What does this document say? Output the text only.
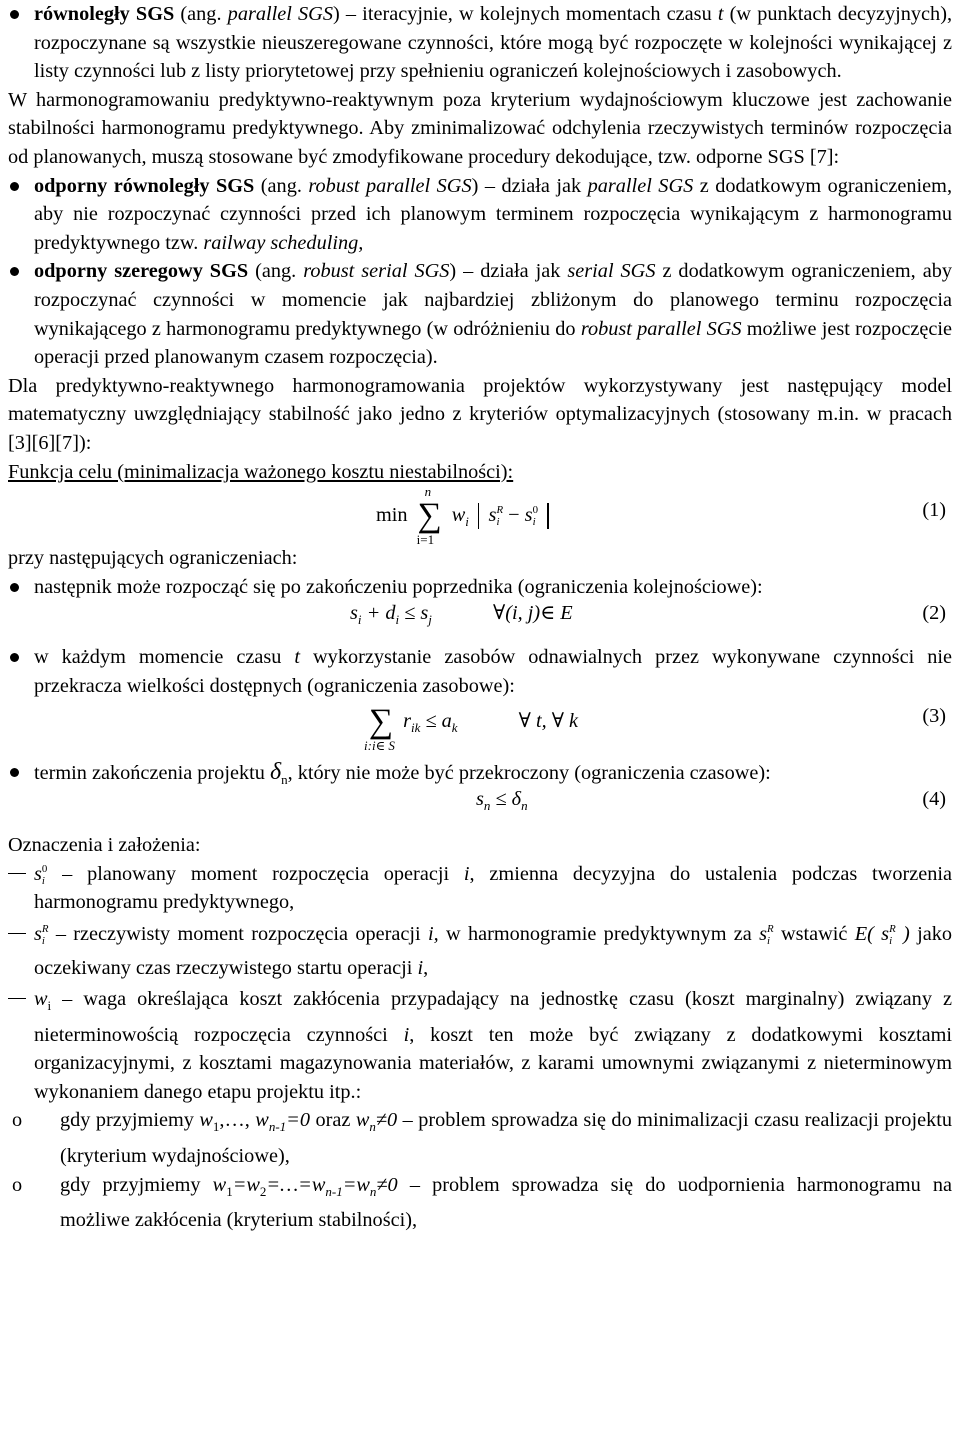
równoległy SGS (ang. parallel SGS) – iteracyjnie, w kolejnych momentach czasu t (w punktach decyzyjnych), rozpoczynane są wszystkie nieuszeregowane czynności, które mogą być rozpoczęte w kolejności wynikającej z listy czynności lub z listy priorytetowej przy spełnieniu ograniczeń kolejnościowych i zasobowych.

W harmonogramowaniu predyktywno-reaktywnym poza kryterium wydajnościowym kluczowe jest zachowanie stabilności harmonogramu predyktywnego. Aby zminimalizować odchylenia rzeczywistych terminów rozpoczęcia od planowanych, muszą stosowane być zmodyfikowane procedury dekodujące, tzw. odporne SGS [7]:

odporny równoległy SGS (ang. robust parallel SGS) – działa jak parallel SGS z dodatkowym ograniczeniem, aby nie rozpoczynać czynności przed ich planowym terminem rozpoczęcia wynikającym z harmonogramu predyktywnego tzw. railway scheduling,
odporny szeregowy SGS (ang. robust serial SGS) – działa jak serial SGS z dodatkowym ograniczeniem, aby rozpoczynać czynności w momencie jak najbardziej zbliżonym do planowego terminu rozpoczęcia wynikającego z harmonogramu predyktywnego (w odróżnieniu do robust parallel SGS możliwe jest rozpoczęcie operacji przed planowanym czasem rozpoczęcia).

Dla predyktywno-reaktywnego harmonogramowania projektów wykorzystywany jest następujący model matematyczny uwzględniający stabilność jako jedno z kryteriów optymalizacyjnych (stosowany m.in. w pracach [3][6][7]):

Funkcja celu (minimalizacja ważonego kosztu niestabilności):

min
n
∑
i=1
$w_i$ s R
i − s 0
i

(1)

przy następujących ograniczeniach:

następnik może rozpocząć się po zakończeniu poprzednika (ograniczenia kolejnościowe):
$s_i + d_i \le s_j$	∀(i, j)∈ E	(2)
w każdym momencie czasu t wykorzystanie zasobów odnawialnych przez wykonywane czynności nie przekracza wielkości dostępnych (ograniczenia zasobowe):
∑
i:i∈ S
$r_{ik} \le a_k$	∀ t, ∀ k	(3)
termin zakończenia projektu $\delta_n$, który nie może być przekroczony (ograniczenia czasowe):
$s_n \le \delta_n$	(4)

Oznaczenia i założenia:

s 0
i – planowany moment rozpoczęcia operacji i, zmienna decyzyjna do ustalenia podczas tworzenia harmonogramu predyktywnego,
s R
i – rzeczywisty moment rozpoczęcia operacji i, w harmonogramie predyktywnym za s R
i wstawić E( s R
i ) jako oczekiwany czas rzeczywistego startu operacji i,
$w_i$ – waga określająca koszt zakłócenia przypadający na jednostkę czasu (koszt marginalny) związany z nieterminowością rozpoczęcia czynności i, koszt ten może być związany z dodatkowymi kosztami organizacyjnymi, z kosztami magazynowania materiałów, z karami umownymi związanymi z nieterminowym wykonaniem danego etapu projektu itp.:
o gdy przyjmiemy $w_1,\dots$, $w_{n-1}=0$ oraz $w_n\ne 0$ – problem sprowadza się do minimalizacji czasu realizacji projektu (kryterium wydajnościowe),
o gdy przyjmiemy $w_1=w_2=\dots=w_{n-1}=w_n\ne 0$ – problem sprowadza się do uodpornienia harmonogramu na możliwe zakłócenia (kryterium stabilności),
